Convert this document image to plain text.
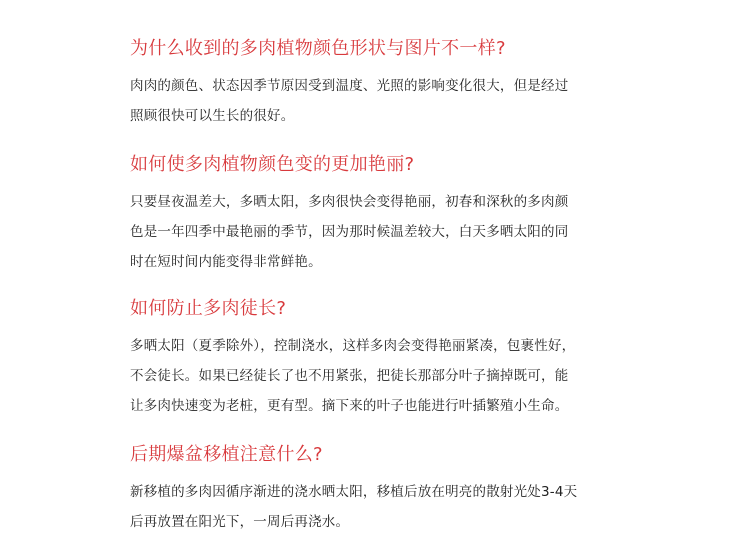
为什么收到的多肉植物颜色形状与图片不一样?

肉肉的颜色、状态因季节原因受到温度、光照的影响变化很大，但是经过
照顾很快可以生长的很好。

如何使多肉植物颜色变的更加艳丽?

只要昼夜温差大，多晒太阳，多肉很快会变得艳丽，初春和深秋的多肉颜
色是一年四季中最艳丽的季节，因为那时候温差较大，白天多晒太阳的同
时在短时间内能变得非常鲜艳。

如何防止多肉徒长?

多晒太阳（夏季除外），控制浇水，这样多肉会变得艳丽紧凑，包裹性好，
不会徒长。如果已经徒长了也不用紧张，把徒长那部分叶子摘掉既可，能
让多肉快速变为老桩，更有型。摘下来的叶子也能进行叶插繁殖小生命。

后期爆盆移植注意什么?

新移植的多肉因循序渐进的浇水晒太阳，移植后放在明亮的散射光处3-4天
后再放置在阳光下，一周后再浇水。
